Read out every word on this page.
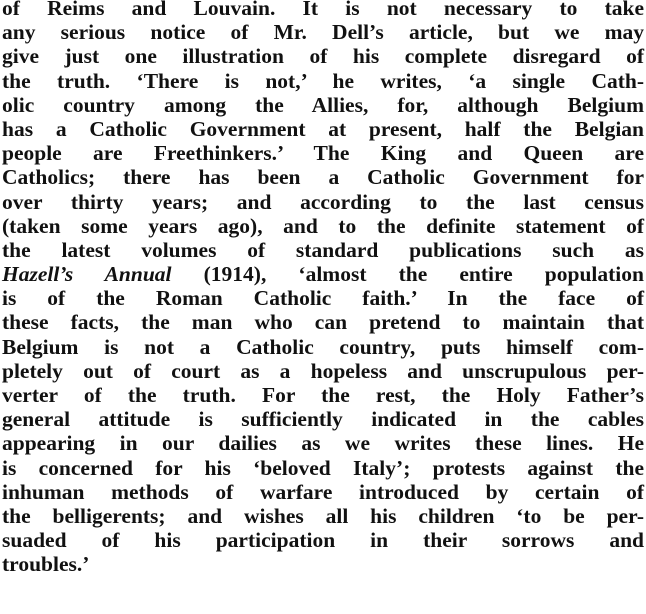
of Reims and Louvain. It is not necessary to take
any serious notice of Mr. Dell’s article, but we may
give just one illustration of his complete disregard of
the truth. ‘There is not,’ he writes, ‘a single Cath-
olic country among the Allies, for, although Belgium
has a Catholic Government at present, half the Belgian
people are Freethinkers.’ The King and Queen are
Catholics; there has been a Catholic Government for
over thirty years; and according to the last census
(taken some years ago), and to the definite statement of
the latest volumes of standard publications such as
Hazell’s Annual (1914), ‘almost the entire population
is of the Roman Catholic faith.’ In the face of
these facts, the man who can pretend to maintain that
Belgium is not a Catholic country, puts himself com-
pletely out of court as a hopeless and unscrupulous per-
verter of the truth. For the rest, the Holy Father’s
general attitude is sufficiently indicated in the cables
appearing in our dailies as we writes these lines. He
is concerned for his ‘beloved Italy’; protests against the
inhuman methods of warfare introduced by certain of
the belligerents; and wishes all his children ‘to be per-
suaded of his participation in their sorrows and
troubles.’
